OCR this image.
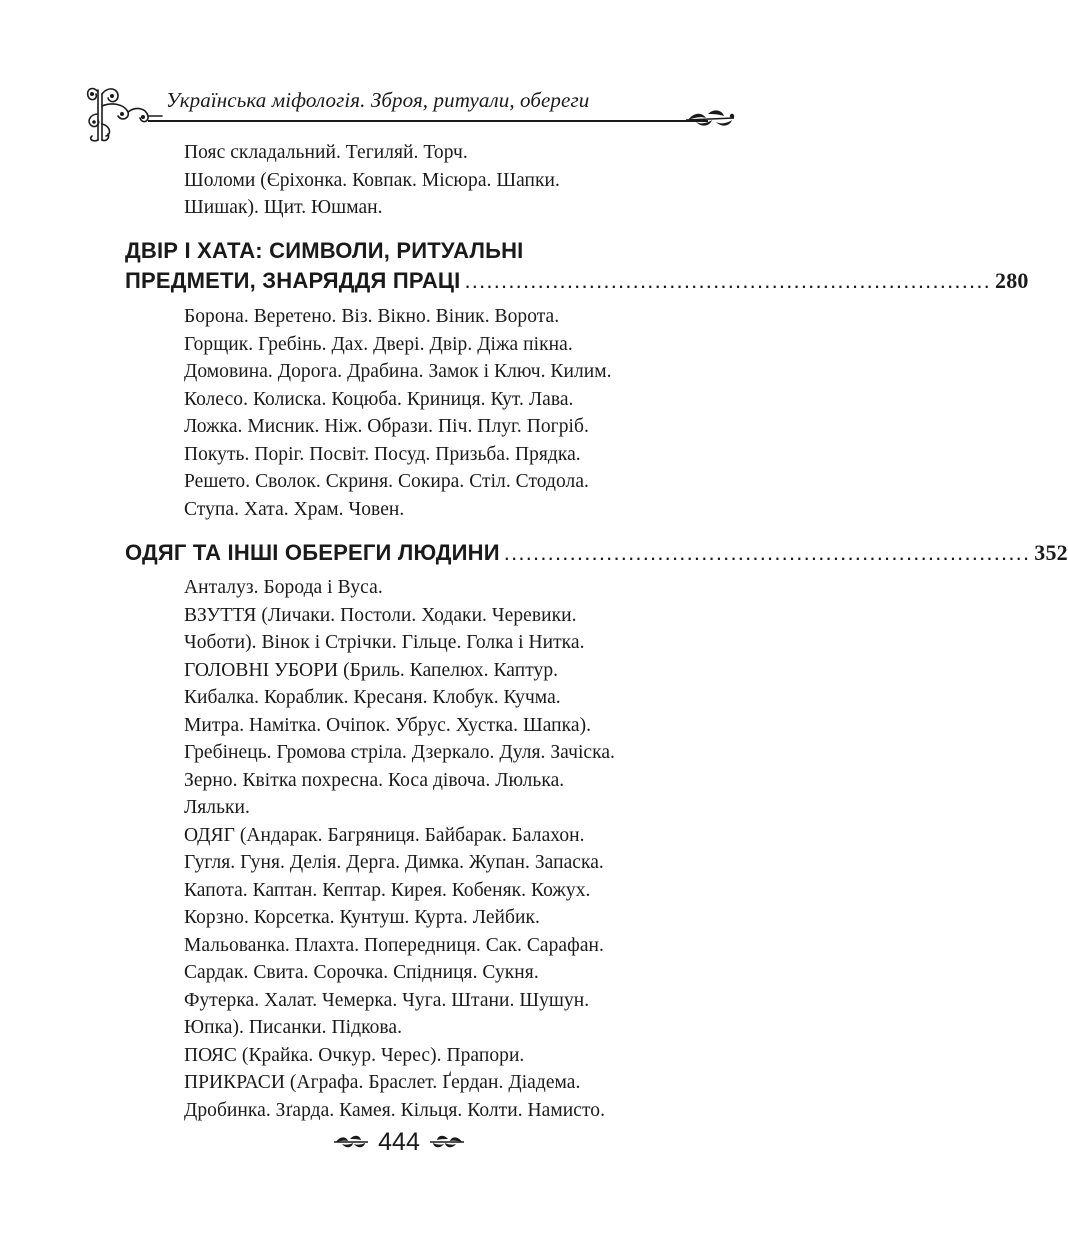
Українська міфологія. Зброя, ритуали, обереги
Пояс складальний. Тегиляй. Торч.
Шоломи (Єріхонка. Ковпак. Місюра. Шапки.
Шишак). Щит. Юшман.
ДВІР І ХАТА: СИМВОЛИ, РИТУАЛЬНІ
ПРЕДМЕТИ, ЗНАРЯДДЯ ПРАЦІ ........................................................................ 280
Борона. Веретено. Віз. Вікно. Віник. Ворота.
Горщик. Гребінь. Дах. Двері. Двір. Діжа пікна.
Домовина. Дорога. Драбина. Замок і Ключ. Килим.
Колесо. Колиска. Коцюба. Криниця. Кут. Лава.
Ложка. Мисник. Ніж. Образи. Піч. Плуг. Погріб.
Покуть. Поріг. Посвіт. Посуд. Призьба. Прядка.
Решето. Сволок. Скриня. Сокира. Стіл. Стодола.
Ступа. Хата. Храм. Човен.
ОДЯГ ТА ІНШІ ОБЕРЕГИ ЛЮДИНИ ........................................................................ 352
Анталуз. Борода і Вуса.
ВЗУТТЯ (Личаки. Постоли. Ходаки. Черевики.
Чоботи). Вінок і Стрічки. Гільце. Голка і Нитка.
ГОЛОВНІ УБОРИ (Бриль. Капелюх. Каптур.
Кибалка. Кораблик. Кресаня. Клобук. Кучма.
Митра. Намітка. Очіпок. Убрус. Хустка. Шапка).
Гребінець. Громова стріла. Дзеркало. Дуля. Зачіска.
Зерно. Квітка похресна. Коса дівоча. Люлька.
Ляльки.
ОДЯГ (Андарак. Багряниця. Байбарак. Балахон.
Гугля. Гуня. Делія. Дерга. Димка. Жупан. Запаска.
Капота. Каптан. Кептар. Кирея. Кобеняк. Кожух.
Корзно. Корсетка. Кунтуш. Курта. Лейбик.
Мальованка. Плахта. Попередниця. Сак. Сарафан.
Сардак. Свита. Сорочка. Спідниця. Сукня.
Футерка. Халат. Чемерка. Чуга. Штани. Шушун.
Юпка). Писанки. Підкова.
ПОЯС (Крайка. Очкур. Черес). Прапори.
ПРИКРАСИ (Аграфа. Браслет. Ґердан. Діадема.
Дробинка. Зґарда. Камея. Кільця. Колти. Намисто.
444
